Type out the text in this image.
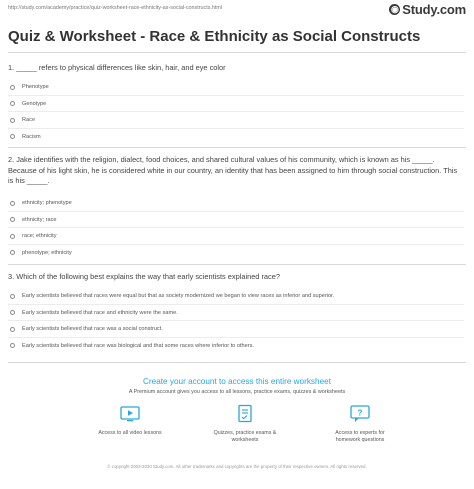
http://study.com/academy/practice/quiz-worksheet-race-ethnicity-as-social-constructs.html	◉ Study.com
Quiz & Worksheet - Race & Ethnicity as Social Constructs
1. _____ refers to physical differences like skin, hair, and eye color
Phenotype
Genotype
Race
Racism
2. Jake identifies with the religion, dialect, food choices, and shared cultural values of his community, which is known as his _____. Because of his light skin, he is considered white in our country, an identity that has been assigned to him through social construction. This is his _____.
ethnicity; phenotype
ethnicity; race
race; ethnicity
phenotype; ethnicity
3. Which of the following best explains the way that early scientists explained race?
Early scientists believed that races were equal but that as society modernized we began to view races as inferior and superior.
Early scientists believed that race and ethnicity were the same.
Early scientists believed that race was a social construct.
Early scientists believed that race was biological and that some races where inferior to others.
Create your account to access this entire worksheet
A Premium account gives you access to all lessons, practice exams, quizzes & worksheets
Access to all video lessons	Quizzes, practice exams & worksheets
?
Access to experts for homework questions
© copyright 2003-2020 Study.com. All other trademarks and copyrights are the property of their respective owners. All rights reserved.
